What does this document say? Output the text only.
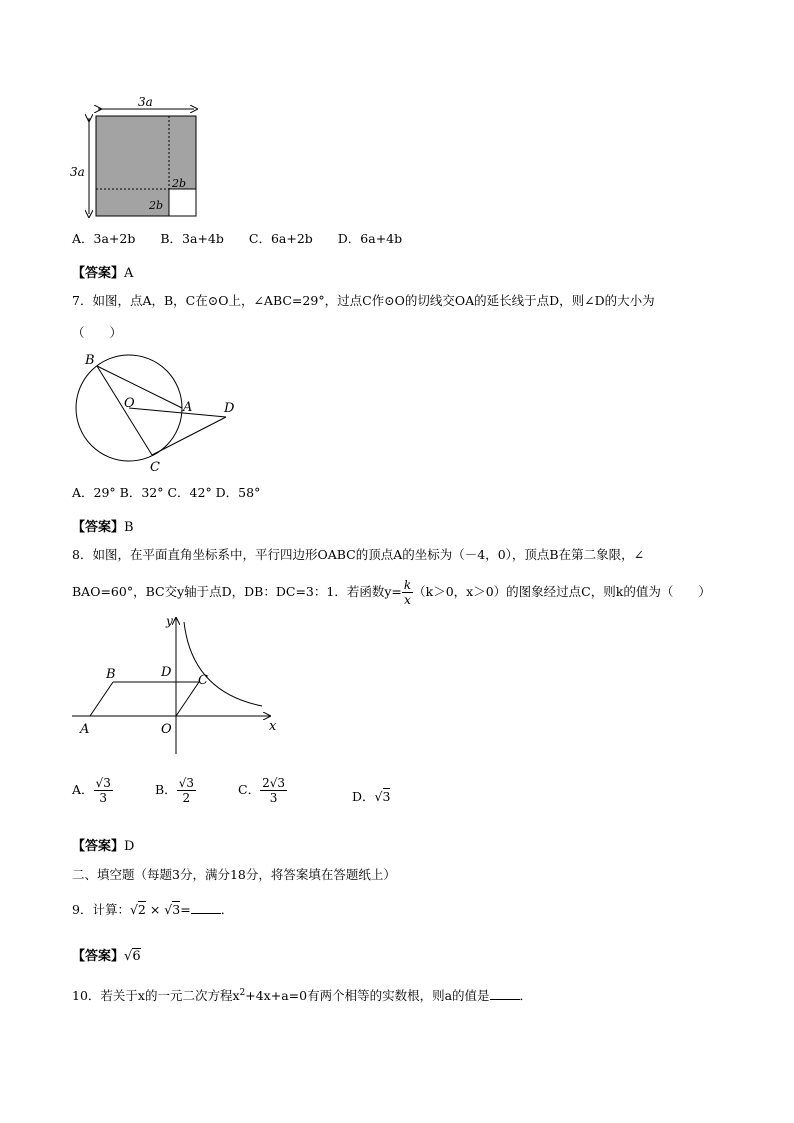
3a
3a
2b
2b
A．3a+2b　　B．3a+4b　　C．6a+2b　　D．6a+4b
【答案】A
7．如图，点A，B，C在⊙O上，∠ABC=29°，过点C作⊙O的切线交OA的延长线于点D，则∠D的大小为
（　　）
B
O	A D
C
A．29° B．32° C．42° D．58°
【答案】B
8．如图，在平面直角坐标系中，平行四边形OABC的顶点A的坐标为（－4，0），顶点B在第二象限，∠
BAO=60°，BC交y轴于点D，DB：DC=3：1．若函数$y= \frac{k}{x} (k>0$，x＞0）的图象经过点C，则k的值为（　　）
y
x
B	D
C
A	O
A． $\frac{√3}{3}$	B． $\frac{√3}{2}$	C． $\frac{2√3}{3}$	D．√3
【答案】D
二、填空题（每题3分，满分18分，将答案填在答题纸上）
9．计算：√2 × √3= ．
【答案】√6
10．若关于x的一元二次方程$x^2+4x+a=0$有两个相等的实数根，则a的值是 ．
